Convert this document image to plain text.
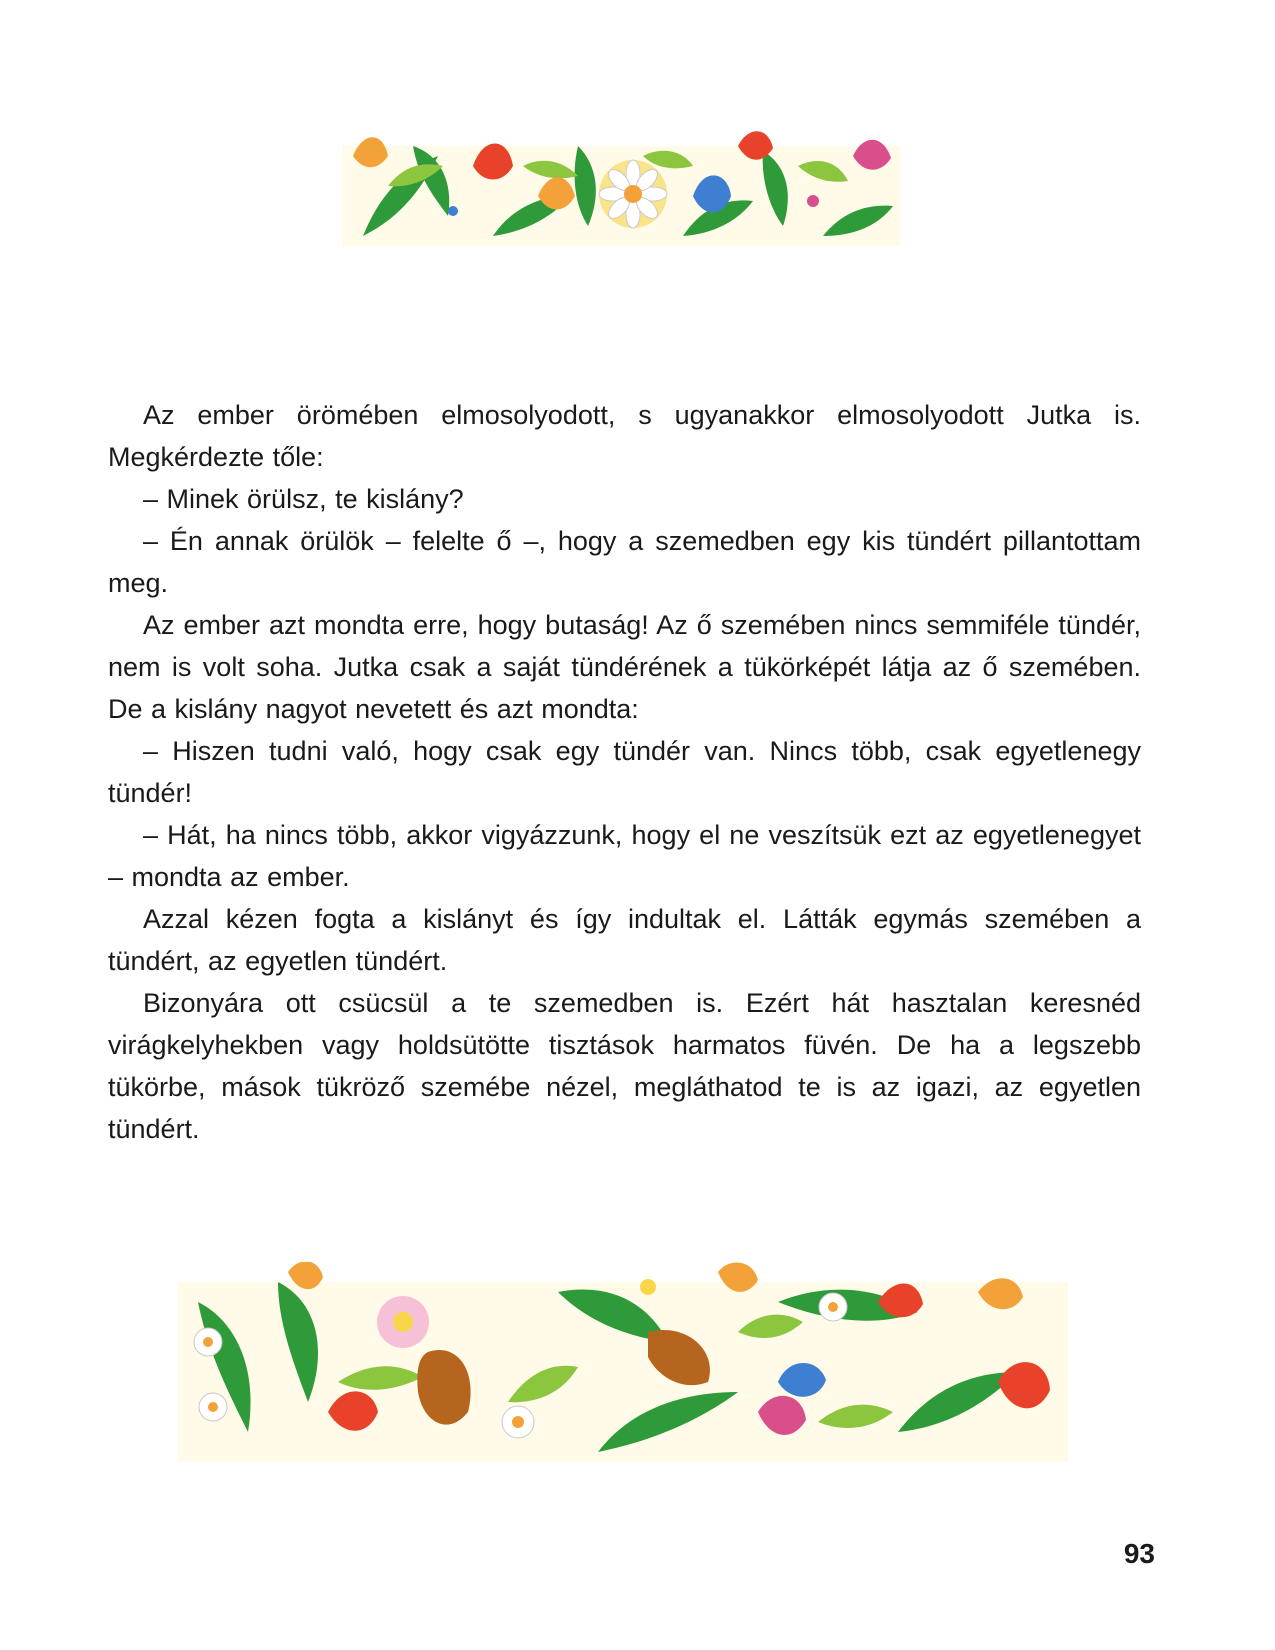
Az ember örömében elmosolyodott, s ugyanakkor elmosolyodott Jutka is. Megkérdezte tőle:

– Minek örülsz, te kislány?

– Én annak örülök – felelte ő –, hogy a szemedben egy kis tündért pillantottam meg.

Az ember azt mondta erre, hogy butaság! Az ő szemében nincs semmiféle tündér, nem is volt soha. Jutka csak a saját tündérének a tükörképét látja az ő szemében. De a kislány nagyot nevetett és azt mondta:

– Hiszen tudni való, hogy csak egy tündér van. Nincs több, csak egyetlenegy tündér!

– Hát, ha nincs több, akkor vigyázzunk, hogy el ne veszítsük ezt az egyetlenegyet – mondta az ember.

Azzal kézen fogta a kislányt és így indultak el. Látták egymás szemében a tündért, az egyetlen tündért.

Bizonyára ott csücsül a te szemedben is. Ezért hát hasztalan keresnéd virágkelyhekben vagy holdsütötte tisztások harmatos füvén. De ha a legszebb tükörbe, mások tükröző szemébe nézel, megláthatod te is az igazi, az egyetlen tündért.

93
